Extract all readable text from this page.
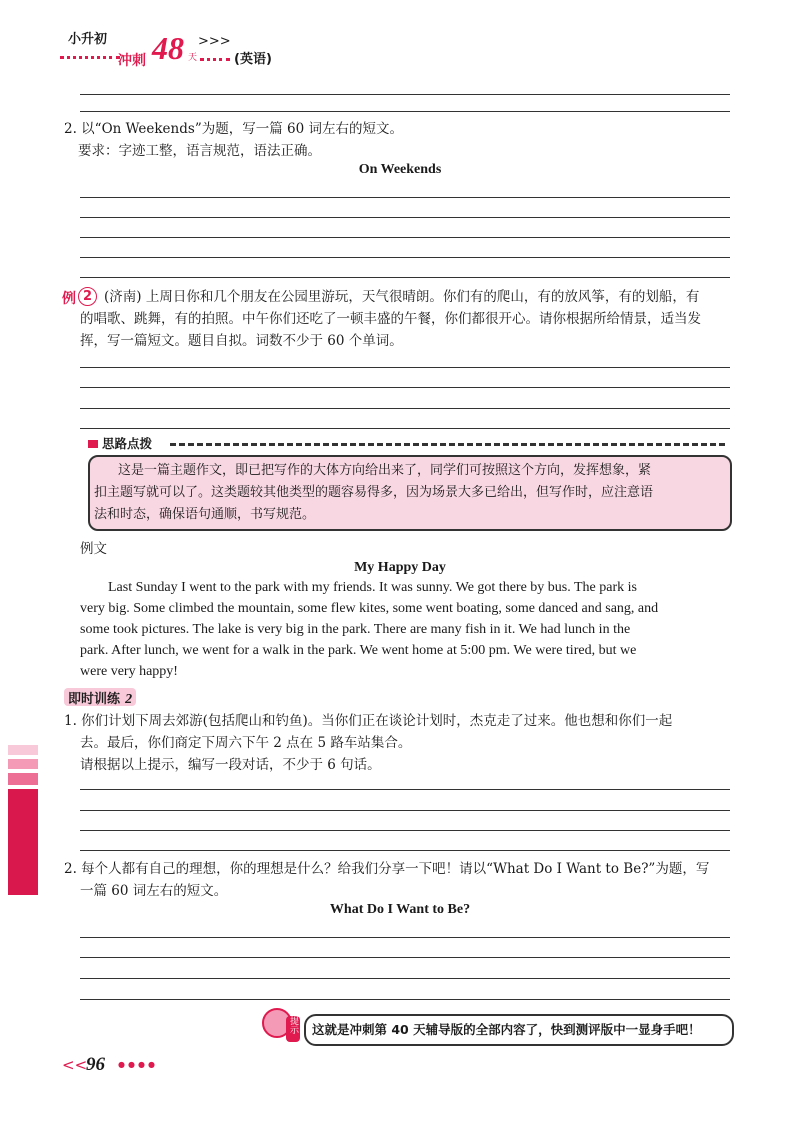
小升初
冲刺 48 天
>>>
(英语)
2. 以“On Weekends”为题，写一篇 60 词左右的短文。
要求：字迹工整，语言规范，语法正确。
On Weekends
例 2 (济南) 上周日你和几个朋友在公园里游玩，天气很晴朗。你们有的爬山，有的放风筝，有的划船，有
的唱歌、跳舞，有的拍照。中午你们还吃了一顿丰盛的午餐，你们都很开心。请你根据所给情景，适当发
挥，写一篇短文。题目自拟。词数不少于 60 个单词。
思路点拨
这是一篇主题作文，即已把写作的大体方向给出来了，同学们可按照这个方向，发挥想象，紧
扣主题写就可以了。这类题较其他类型的题容易得多，因为场景大多已给出，但写作时，应注意语
法和时态，确保语句通顺，书写规范。
例文
My Happy Day
Last Sunday I went to the park with my friends. It was sunny. We got there by bus. The park is
very big. Some climbed the mountain, some flew kites, some went boating, some danced and sang, and
some took pictures. The lake is very big in the park. There are many fish in it. We had lunch in the
park. After lunch, we went for a walk in the park. We went home at 5:00 pm. We were tired, but we
were very happy!
即时训练 2
1. 你们计划下周去郊游(包括爬山和钓鱼)。当你们正在谈论计划时，杰克走了过来。他也想和你们一起
去。最后，你们商定下周六下午 2 点在 5 路车站集合。
请根据以上提示，编写一段对话，不少于 6 句话。
2. 每个人都有自己的理想，你的理想是什么？给我们分享一下吧！请以“What Do I Want to Be?”为题，写
一篇 60 词左右的短文。
What Do I Want to Be?
提示 这就是冲刺第 40 天辅导版的全部内容了，快到测评版中一显身手吧！
<<
96 ●●●●
